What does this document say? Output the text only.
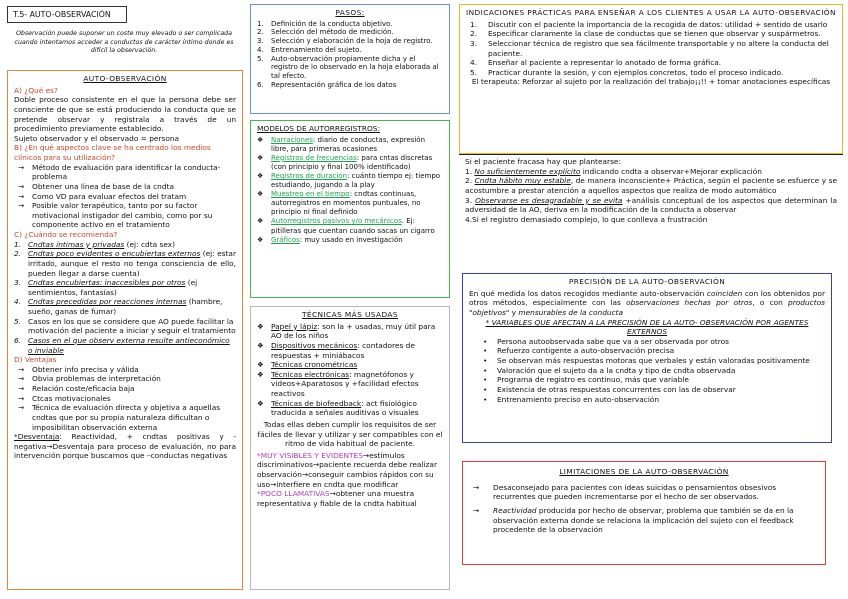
T.5- AUTO-OBSERVACIÓN
Observación puede suponer un coste muy elevado o ser complicada cuando intentamos acceder a conductos de carácter íntimo donde es difícil la observación.
AUTO-OBSERVACIÓN
A) ¿Qué es?

Doble proceso consistente en el que la persona debe ser consciente de que se está produciendo la conducta que se pretende observar y registrala a través de un procedimiento previamente establecido.

Sujeto observador y el observado = persona

B) ¿En qué aspectos clave se ha centrado los medios clínicos para su utilización?
→	Método de evaluación para identificar la conducta- problema
→	Obtener una línea de base de la cndta
→	Como VD para evaluar efectos del tratam
→	Posible valor terapéutico, tanto por su factor motivacional instigador del cambio, como por su componente activo en el tratamiento
C) ¿Cuándo se recomienda?
1. Cndtas íntimas y privadas (ej: cdta sex)
2. Cndtas poco evidentes o encubiertas externos (ej: estar irritado, aunque el resto no tenga consciencia de ello, pueden llegar a darse cuenta)
3. Cndtas encubiertas: inaccesibles por otros (ej sentimientos, fantasías)
4. Cndtas precedidas por reacciones internas (hambre, sueño, ganas de fumar)
5. Casos en los que se considere que AO puede facilitar la motivación del paciente a iniciar y seguir el tratamiento
6. Casos en el que observ externa resulte antieconómico o inviable
D) Ventajas
→	Obtener info precisa y válida
→	Obvia problemas de interpretación
→	Relación coste/eficacia baja
→	Ctcas motivacionales
→	Técnica de evaluación directa y objetiva a aquellas cndtas que por su propia naturaleza dificultan o imposibilitan observación externa

*Desventaja: Reactividad, + cndtas positivas y -negativa→Desventaja para proceso de evaluación, no para intervención porque buscamos que –conductas negativas

PASOS:
1.	Definición de la conducta objetivo.
2.	Selección del método de medición.
3.	Selección y elaboración de la hoja de registro.
4.	Entrenamiento del sujeto.
5.	Auto-observación propiamente dicha y el registro de lo observado en la hoja elaborada al tal efecto.
6.	Representación gráfica de los datos
MODELOS DE AUTORREGISTROS:
❖	Narraciones: diario de conductas, expresión libre, para primeras ocasiones
❖	Registros de frecuencias: para cntas discretas (con principio y final 100% identificado)
❖	Registros de duración: cuánto tiempo ej: tiempo estudiando, jugando a la play
❖	Muestreo en el tiempo: cndtas continuas, autorregistros en momentos puntuales, no principio ni final definido
❖	Autorregistros pasivos y/o mecánicos. Ej: pitilleras que cuentan cuando sacas un cigarro
❖	Gráficos: muy usado en investigación
TÉCNICAS MÁS USADAS
❖ Papel y lápiz: son la + usadas, muy útil para AO de los niños
❖ Dispositivos mecánicos: contadores de respuestas + miniábacos
❖ Técnicas cronométricas
❖ Técnicas electrónicas: magnetófonos y videos+Aparatosos y +facilidad efectos reactivos
❖ Técnicas de biofeedback: act fisiológico traducida a señales auditivas o visuales

Todas ellas deben cumplir los requisitos de ser fáciles de llevar y utilizar y ser compatibles con el ritmo de vida habitual de paciente.

*MUY VISIBLES Y EVIDENTES→estímulos discriminativos→paciente recuerda debe realizar observación→conseguir cambios rápidos con su uso→interfiere en cndta que modificar

*POCO LLAMATIVAS→obtener una muestra representativa y fiable de la cndta habitual

INDICACIONES PRÁCTICAS PARA ENSEÑAR A LOS CLIENTES A USAR LA AUTO-OBSERVACIÓN
1.	Discutir con el paciente la importancia de la recogida de datos: utilidad + sentido de usarlo
2.	Especificar claramente la clase de conductas que se tienen que observar y suspármetros.
3.	Seleccionar técnica de registro que sea fácilmente transportable y no altere la conducta del paciente.
4.	Enseñar al paciente a representar lo anotado de forma gráfica.
5.	Practicar durante la sesión, y con ejemplos concretos, todo el proceso indicado.

El terapeuta: Reforzar al sujeto por la realización del trabajo¡¡!! + tomar anotaciones específicas

Si el paciente fracasa hay que plantearse:

1. No suficientemente explícito indicando cndta a observar+Mejorar explicación

2. Cndta hábito muy estable, de manera inconsciente+ Práctica, según el paciente se esfuerce y se acostumbre a prestar atención a aquellos aspectos que realiza de modo automático

3. Observarse es desagradable y se evita +análisis conceptual de los aspectos que determinan la adversidad de la AO, deriva en la modificación de la conducta a observar

4.Si el registro demasiado complejo, lo que conlleva a frustración

PRECISIÓN DE LA AUTO-OBSERVACIÓN

En qué medida los datos recogidos mediante auto-observación coinciden con los obtenidos por otros métodos, especialmente con las observaciones hechas por otros, o con productos "objetivos" y mensurables de la conducta

* VARIABLES QUE AFECTAN A LA PRECISIÓN DE LA AUTO- OBSERVACIÓN POR AGENTES EXTERNOS

•	Persona autoobservada sabe que va a ser observada por otros
•	Refuerzo contigente a auto-observación precisa
•	Se observan más respuestas motoras que verbales y están valoradas positivamente
•	Valoración que el sujeto da a la cndta y tipo de cndta observada
•	Programa de registro es continuo, más que variable
•	Existencia de otras respuestas concurrentes con las de observar
•	Entrenamiento preciso en auto-observación
LIMITACIONES DE LA AUTO-OBSERVACIÓN
→	Desaconsejado para pacientes con ideas suicidas o pensamientos obsesivos recurrentes que pueden incrementarse por el hecho de ser observados.
→	Reactividad producida por hecho de observar, problema que también se da en la observación externa donde se relaciona la implicación del sujeto con el feedback procedente de la observación
